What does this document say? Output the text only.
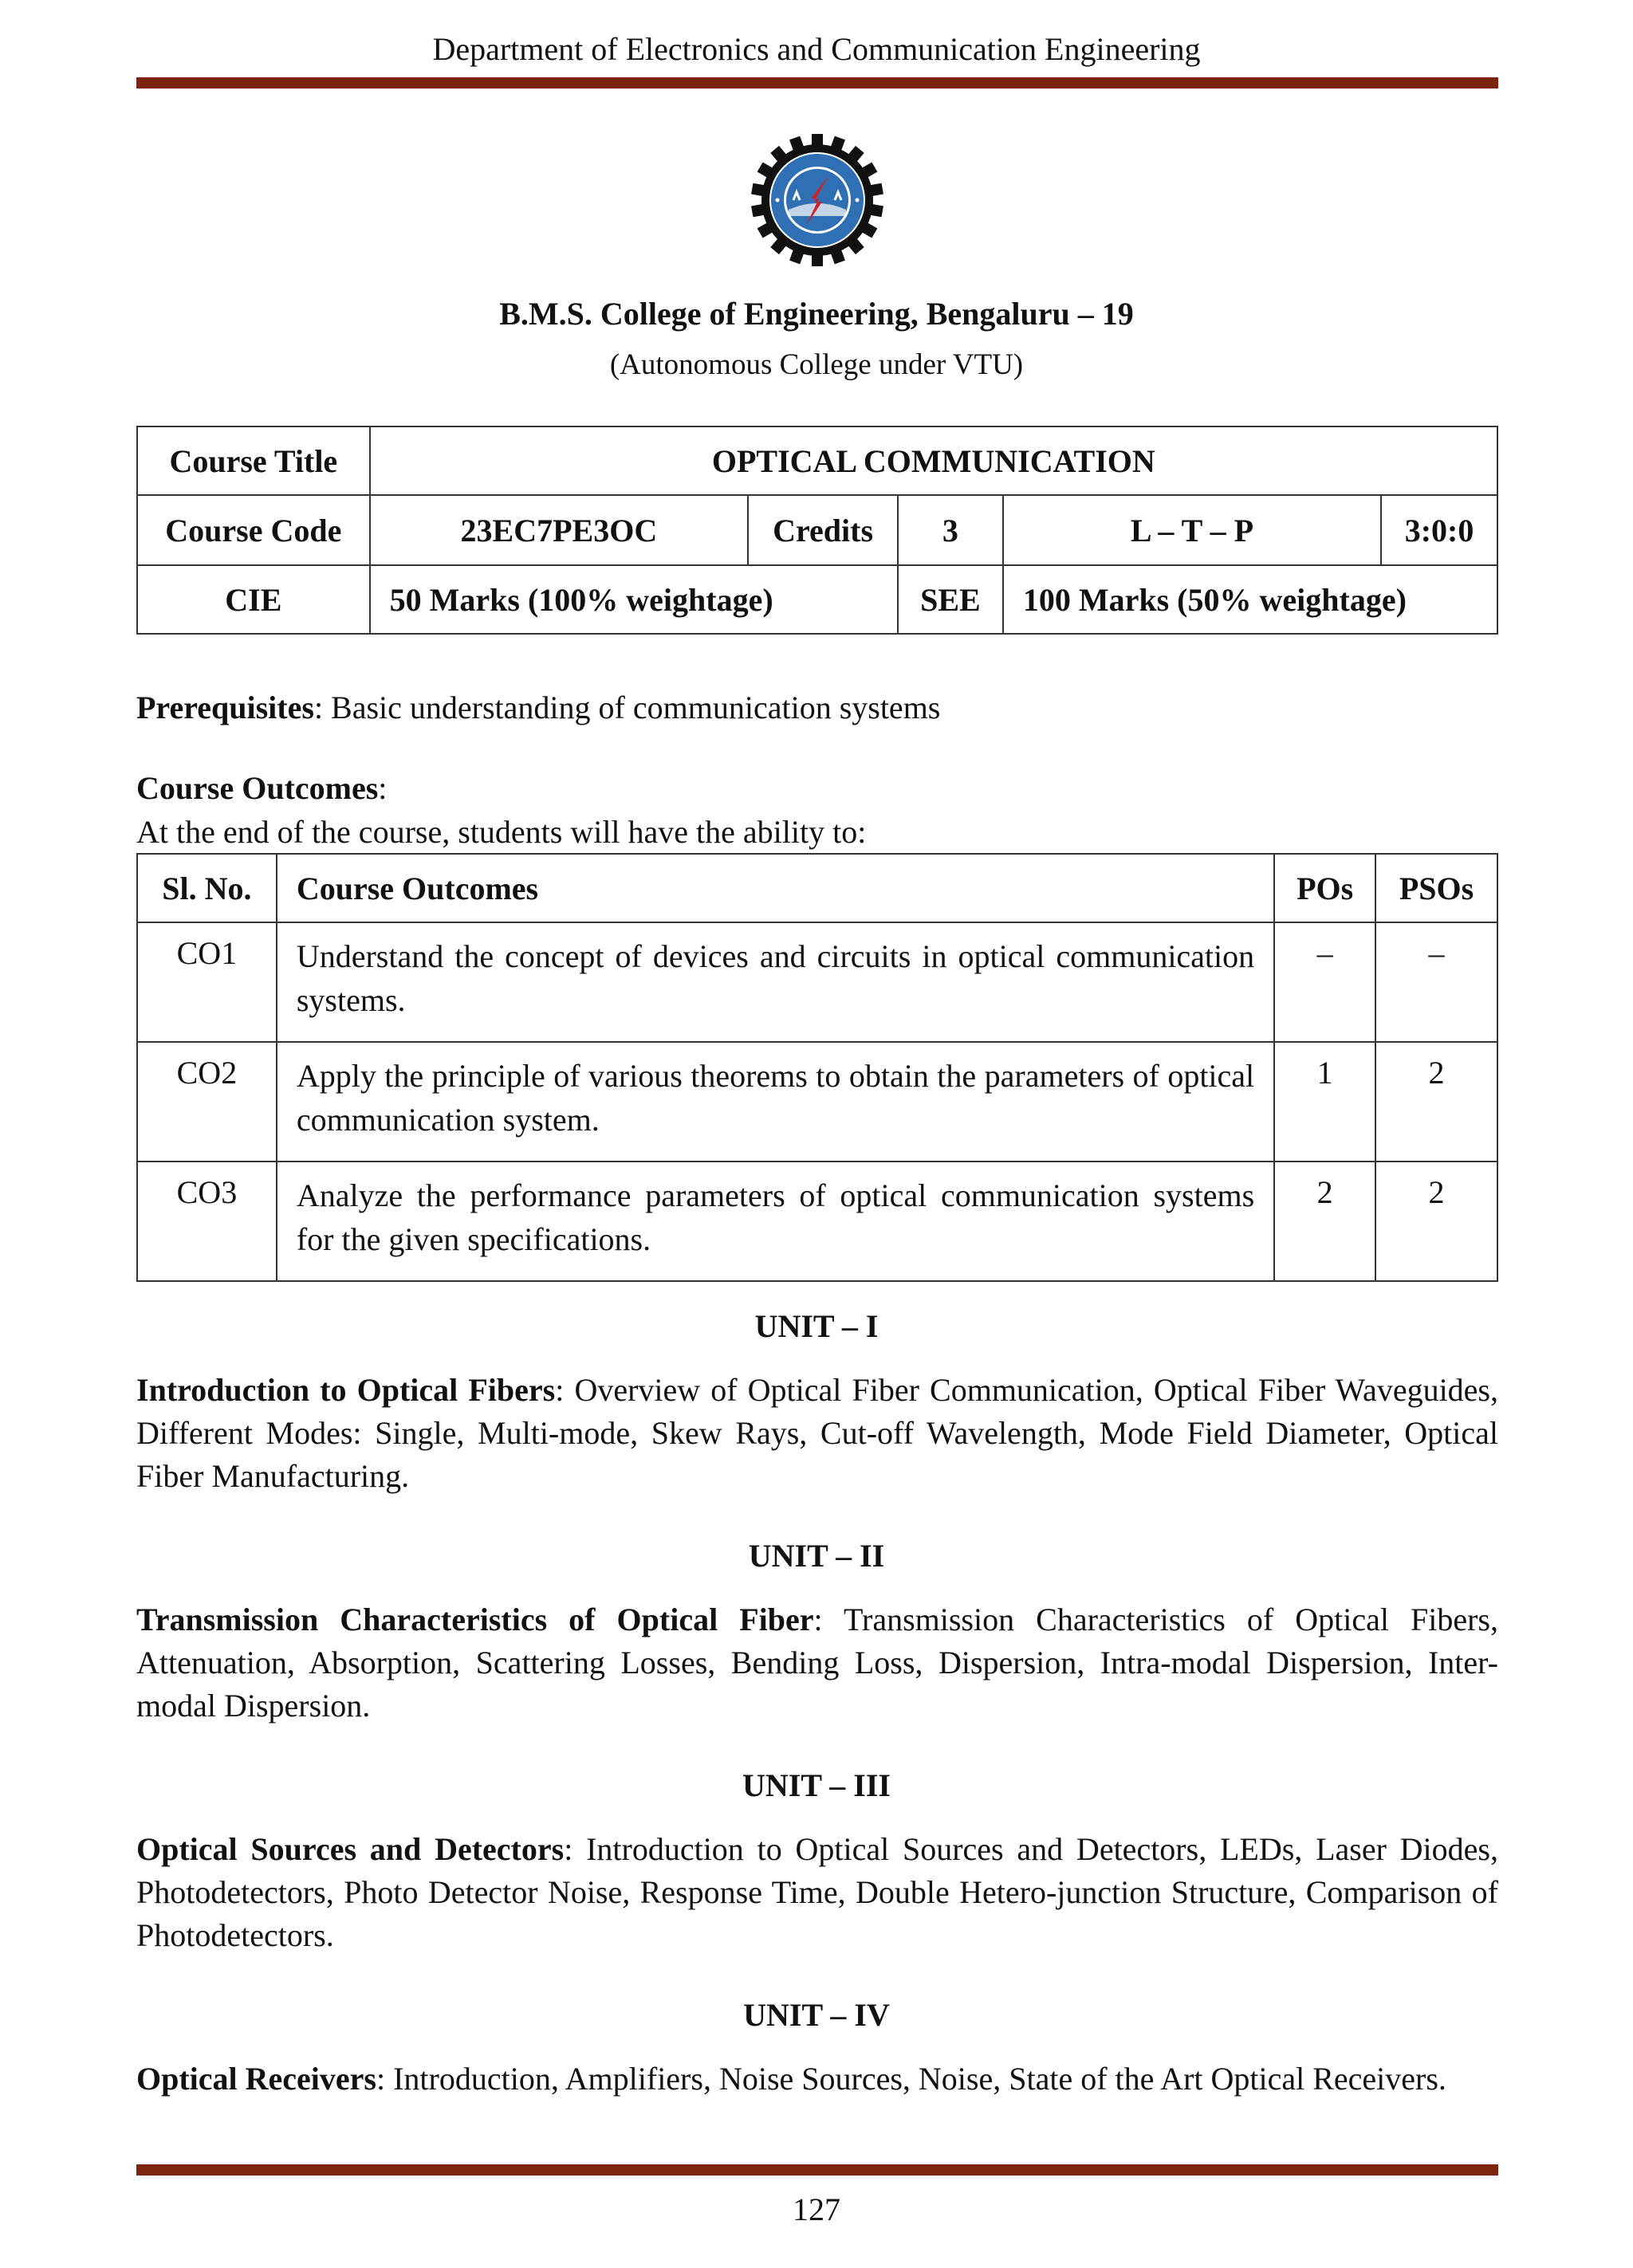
Department of Electronics and Communication Engineering
B.M.S. College of Engineering, Bengaluru – 19
(Autonomous College under VTU)
Course Title	OPTICAL COMMUNICATION				
Course Code	23EC7PE3OC	Credits	3	L – T – P	3:0:0
CIE	50 Marks (100% weightage)		SEE	100 Marks (50% weightage)	
Prerequisites: Basic understanding of communication systems
Course Outcomes:
At the end of the course, students will have the ability to:
Sl. No.	Course Outcomes	POs	PSOs
CO1	Understand the concept of devices and circuits in optical communication systems.	–	–
CO2	Apply the principle of various theorems to obtain the parameters of optical communication system.	1	2
CO3	Analyze the performance parameters of optical communication systems for the given specifications.	2	2
UNIT – I
Introduction to Optical Fibers: Overview of Optical Fiber Communication, Optical Fiber Waveguides, Different Modes: Single, Multi-mode, Skew Rays, Cut-off Wavelength, Mode Field Diameter, Optical Fiber Manufacturing.
UNIT – II
Transmission Characteristics of Optical Fiber: Transmission Characteristics of Optical Fibers, Attenuation, Absorption, Scattering Losses, Bending Loss, Dispersion, Intra-modal Dispersion, Inter-modal Dispersion.
UNIT – III
Optical Sources and Detectors: Introduction to Optical Sources and Detectors, LEDs, Laser Diodes, Photodetectors, Photo Detector Noise, Response Time, Double Hetero-junction Structure, Comparison of Photodetectors.
UNIT – IV
Optical Receivers: Introduction, Amplifiers, Noise Sources, Noise, State of the Art Optical Receivers.
127
